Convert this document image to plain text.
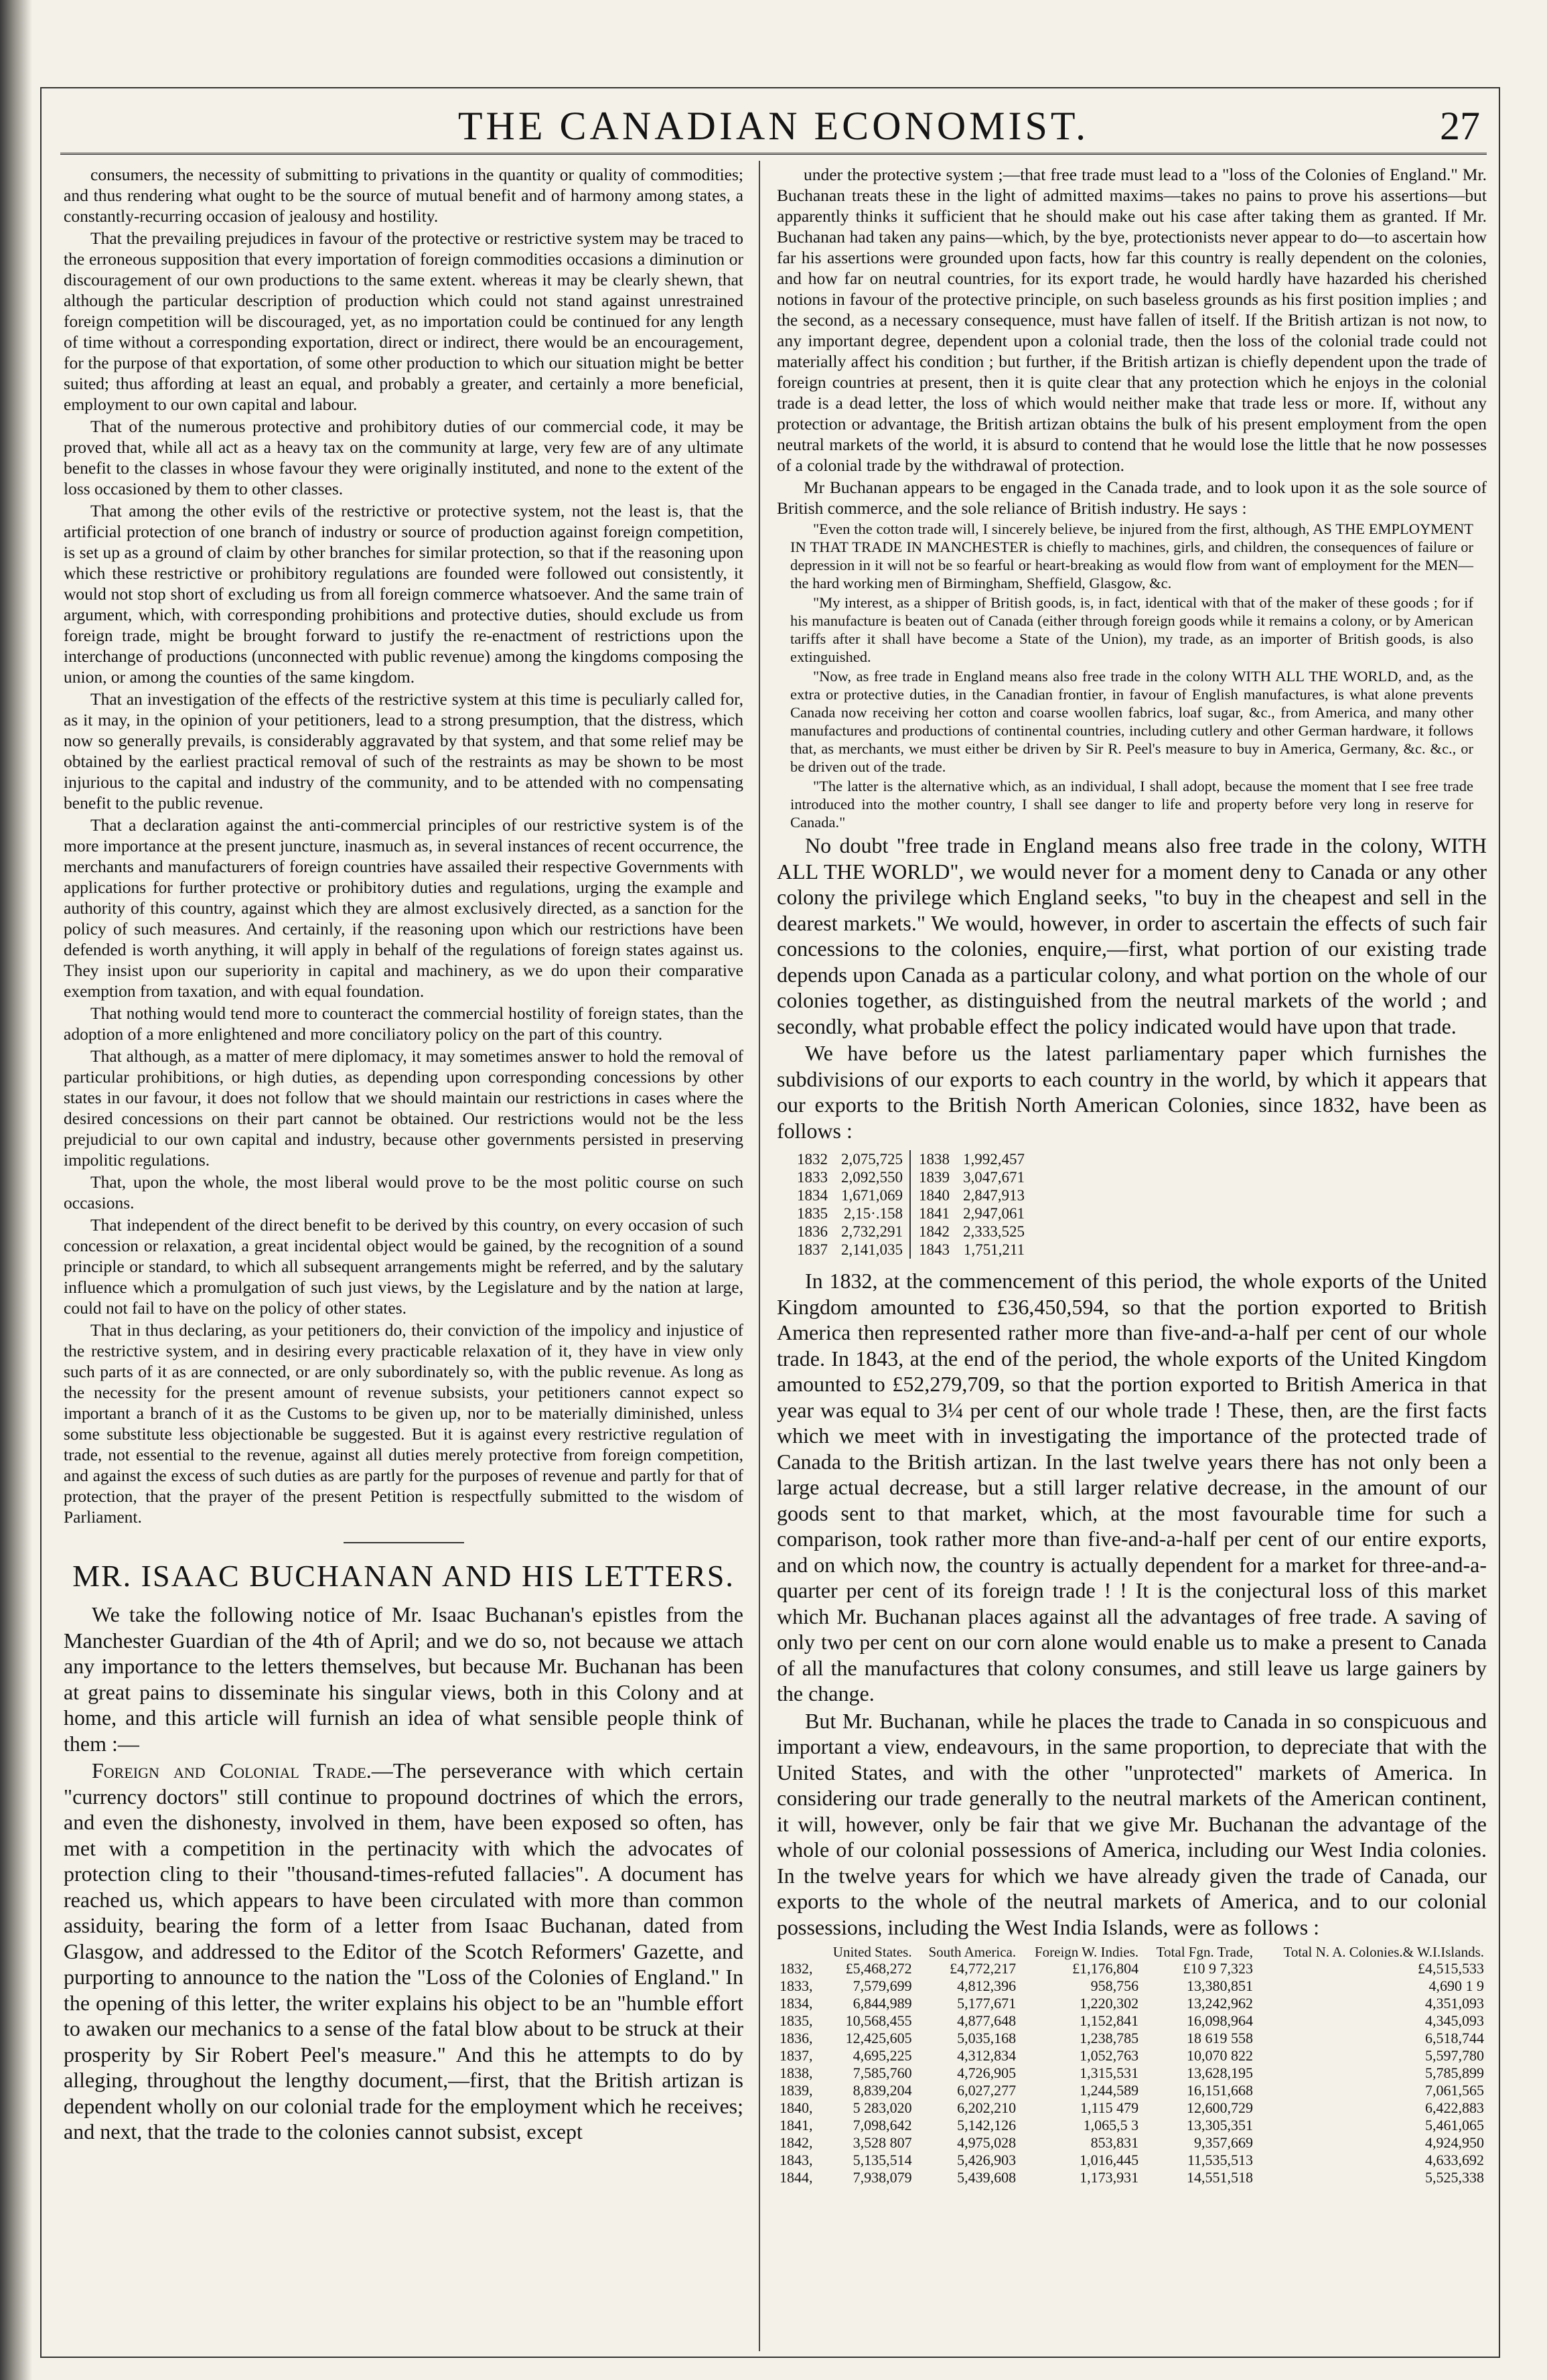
THE CANADIAN ECONOMIST.	27

consumers, the necessity of submitting to privations in the quantity or quality of commodities; and thus rendering what ought to be the source of mutual benefit and of harmony among states, a constantly-recurring occasion of jealousy and hostility.

That the prevailing prejudices in favour of the protective or restrictive system may be traced to the erroneous supposition that every importation of foreign commodities occasions a diminution or discouragement of our own productions to the same extent. whereas it may be clearly shewn, that although the particular description of production which could not stand against unrestrained foreign competition will be discouraged, yet, as no importation could be continued for any length of time without a corresponding exportation, direct or indirect, there would be an encouragement, for the purpose of that exportation, of some other production to which our situation might be better suited; thus affording at least an equal, and probably a greater, and certainly a more beneficial, employment to our own capital and labour.

That of the numerous protective and prohibitory duties of our commercial code, it may be proved that, while all act as a heavy tax on the community at large, very few are of any ultimate benefit to the classes in whose favour they were originally instituted, and none to the extent of the loss occasioned by them to other classes.

That among the other evils of the restrictive or protective system, not the least is, that the artificial protection of one branch of industry or source of production against foreign competition, is set up as a ground of claim by other branches for similar protection, so that if the reasoning upon which these restrictive or prohibitory regulations are founded were followed out consistently, it would not stop short of excluding us from all foreign commerce whatsoever. And the same train of argument, which, with corresponding prohibitions and protective duties, should exclude us from foreign trade, might be brought forward to justify the re-enactment of restrictions upon the interchange of productions (unconnected with public revenue) among the kingdoms composing the union, or among the counties of the same kingdom.

That an investigation of the effects of the restrictive system at this time is peculiarly called for, as it may, in the opinion of your petitioners, lead to a strong presumption, that the distress, which now so generally prevails, is considerably aggravated by that system, and that some relief may be obtained by the earliest practical removal of such of the restraints as may be shown to be most injurious to the capital and industry of the community, and to be attended with no compensating benefit to the public revenue.

That a declaration against the anti-commercial principles of our restrictive system is of the more importance at the present juncture, inasmuch as, in several instances of recent occurrence, the merchants and manufacturers of foreign countries have assailed their respective Governments with applications for further protective or prohibitory duties and regulations, urging the example and authority of this country, against which they are almost exclusively directed, as a sanction for the policy of such measures. And certainly, if the reasoning upon which our restrictions have been defended is worth anything, it will apply in behalf of the regulations of foreign states against us. They insist upon our superiority in capital and machinery, as we do upon their comparative exemption from taxation, and with equal foundation.

That nothing would tend more to counteract the commercial hostility of foreign states, than the adoption of a more enlightened and more conciliatory policy on the part of this country.

That although, as a matter of mere diplomacy, it may sometimes answer to hold the removal of particular prohibitions, or high duties, as depending upon corresponding concessions by other states in our favour, it does not follow that we should maintain our restrictions in cases where the desired concessions on their part cannot be obtained. Our restrictions would not be the less prejudicial to our own capital and industry, because other governments persisted in preserving impolitic regulations.

That, upon the whole, the most liberal would prove to be the most politic course on such occasions.

That independent of the direct benefit to be derived by this country, on every occasion of such concession or relaxation, a great incidental object would be gained, by the recognition of a sound principle or standard, to which all subsequent arrangements might be referred, and by the salutary influence which a promulgation of such just views, by the Legislature and by the nation at large, could not fail to have on the policy of other states.

That in thus declaring, as your petitioners do, their conviction of the impolicy and injustice of the restrictive system, and in desiring every practicable relaxation of it, they have in view only such parts of it as are connected, or are only subordinately so, with the public revenue. As long as the necessity for the present amount of revenue subsists, your petitioners cannot expect so important a branch of it as the Customs to be given up, nor to be materially diminished, unless some substitute less objectionable be suggested. But it is against every restrictive regulation of trade, not essential to the revenue, against all duties merely protective from foreign competition, and against the excess of such duties as are partly for the purposes of revenue and partly for that of protection, that the prayer of the present Petition is respectfully submitted to the wisdom of Parliament.

MR. ISAAC BUCHANAN AND HIS LETTERS.

We take the following notice of Mr. Isaac Buchanan's epistles from the Manchester Guardian of the 4th of April; and we do so, not because we attach any importance to the letters themselves, but because Mr. Buchanan has been at great pains to disseminate his singular views, both in this Colony and at home, and this article will furnish an idea of what sensible people think of them :—

Foreign and Colonial Trade.—The perseverance with which certain "currency doctors" still continue to propound doctrines of which the errors, and even the dishonesty, involved in them, have been exposed so often, has met with a competition in the pertinacity with which the advocates of protection cling to their "thousand-times-refuted fallacies". A document has reached us, which appears to have been circulated with more than common assiduity, bearing the form of a letter from Isaac Buchanan, dated from Glasgow, and addressed to the Editor of the Scotch Reformers' Gazette, and purporting to announce to the nation the "Loss of the Colonies of England." In the opening of this letter, the writer explains his object to be an "humble effort to awaken our mechanics to a sense of the fatal blow about to be struck at their prosperity by Sir Robert Peel's measure." And this he attempts to do by alleging, throughout the lengthy document,—first, that the British artizan is dependent wholly on our colonial trade for the employment which he receives; and next, that the trade to the colonies cannot subsist, except

under the protective system ;—that free trade must lead to a "loss of the Colonies of England." Mr. Buchanan treats these in the light of admitted maxims—takes no pains to prove his assertions—but apparently thinks it sufficient that he should make out his case after taking them as granted. If Mr. Buchanan had taken any pains—which, by the bye, protectionists never appear to do—to ascertain how far his assertions were grounded upon facts, how far this country is really dependent on the colonies, and how far on neutral countries, for its export trade, he would hardly have hazarded his cherished notions in favour of the protective principle, on such baseless grounds as his first position implies ; and the second, as a necessary consequence, must have fallen of itself. If the British artizan is not now, to any important degree, dependent upon a colonial trade, then the loss of the colonial trade could not materially affect his condition ; but further, if the British artizan is chiefly dependent upon the trade of foreign countries at present, then it is quite clear that any protection which he enjoys in the colonial trade is a dead letter, the loss of which would neither make that trade less or more. If, without any protection or advantage, the British artizan obtains the bulk of his present employment from the open neutral markets of the world, it is absurd to contend that he would lose the little that he now possesses of a colonial trade by the withdrawal of protection.

Mr Buchanan appears to be engaged in the Canada trade, and to look upon it as the sole source of British commerce, and the sole reliance of British industry. He says :

"Even the cotton trade will, I sincerely believe, be injured from the first, although, AS THE EMPLOYMENT IN THAT TRADE IN MANCHESTER is chiefly to machines, girls, and children, the consequences of failure or depression in it will not be so fearful or heart-breaking as would flow from want of employment for the MEN—the hard working men of Birmingham, Sheffield, Glasgow, &c.

"My interest, as a shipper of British goods, is, in fact, identical with that of the maker of these goods ; for if his manufacture is beaten out of Canada (either through foreign goods while it remains a colony, or by American tariffs after it shall have become a State of the Union), my trade, as an importer of British goods, is also extinguished.

"Now, as free trade in England means also free trade in the colony WITH ALL THE WORLD, and, as the extra or protective duties, in the Canadian frontier, in favour of English manufactures, is what alone prevents Canada now receiving her cotton and coarse woollen fabrics, loaf sugar, &c., from America, and many other manufactures and productions of continental countries, including cutlery and other German hardware, it follows that, as merchants, we must either be driven by Sir R. Peel's measure to buy in America, Germany, &c. &c., or be driven out of the trade.

"The latter is the alternative which, as an individual, I shall adopt, because the moment that I see free trade introduced into the mother country, I shall see danger to life and property before very long in reserve for Canada."

No doubt "free trade in England means also free trade in the colony, WITH ALL THE WORLD", we would never for a moment deny to Canada or any other colony the privilege which England seeks, "to buy in the cheapest and sell in the dearest markets." We would, however, in order to ascertain the effects of such fair concessions to the colonies, enquire,—first, what portion of our existing trade depends upon Canada as a particular colony, and what portion on the whole of our colonies together, as distinguished from the neutral markets of the world ; and secondly, what probable effect the policy indicated would have upon that trade.

We have before us the latest parliamentary paper which furnishes the subdivisions of our exports to each country in the world, by which it appears that our exports to the British North American Colonies, since 1832, have been as follows :

1832	2,075,725		1838	1,992,457
1833	2,092,550		1839	3,047,671
1834	1,671,069		1840	2,847,913
1835	2,15·.158		1841	2,947,061
1836	2,732,291		1842	2,333,525
1837	2,141,035		1843	1,751,211

In 1832, at the commencement of this period, the whole exports of the United Kingdom amounted to £36,450,594, so that the portion exported to British America then represented rather more than five-and-a-half per cent of our whole trade. In 1843, at the end of the period, the whole exports of the United Kingdom amounted to £52,279,709, so that the portion exported to British America in that year was equal to 3¼ per cent of our whole trade ! These, then, are the first facts which we meet with in investigating the importance of the protected trade of Canada to the British artizan. In the last twelve years there has not only been a large actual decrease, but a still larger relative decrease, in the amount of our goods sent to that market, which, at the most favourable time for such a comparison, took rather more than five-and-a-half per cent of our entire exports, and on which now, the country is actually dependent for a market for three-and-a-quarter per cent of its foreign trade ! ! It is the conjectural loss of this market which Mr. Buchanan places against all the advantages of free trade. A saving of only two per cent on our corn alone would enable us to make a present to Canada of all the manufactures that colony consumes, and still leave us large gainers by the change.

But Mr. Buchanan, while he places the trade to Canada in so conspicuous and important a view, endeavours, in the same proportion, to depreciate that with the United States, and with the other "unprotected" markets of America. In considering our trade generally to the neutral markets of the American continent, it will, however, only be fair that we give Mr. Buchanan the advantage of the whole of our colonial possessions of America, including our West India colonies. In the twelve years for which we have already given the trade of Canada, our exports to the whole of the neutral markets of America, and to our colonial possessions, including the West India Islands, were as follows :

	United States.	South America.	Foreign W. Indies.	Total Fgn. Trade,	Total N. A. Colonies.& W.I.Islands.
1832,	£5,468,272	£4,772,217	£1,176,804	£10 9 7,323	£4,515,533
1833,	7,579,699	4,812,396	958,756	13,380,851	4,690 1 9
1834,	6,844,989	5,177,671	1,220,302	13,242,962	4,351,093
1835,	10,568,455	4,877,648	1,152,841	16,098,964	4,345,093
1836,	12,425,605	5,035,168	1,238,785	18 619 558	6,518,744
1837,	4,695,225	4,312,834	1,052,763	10,070 822	5,597,780
1838,	7,585,760	4,726,905	1,315,531	13,628,195	5,785,899
1839,	8,839,204	6,027,277	1,244,589	16,151,668	7,061,565
1840,	5 283,020	6,202,210	1,115 479	12,600,729	6,422,883
1841,	7,098,642	5,142,126	1,065,5 3	13,305,351	5,461,065
1842,	3,528 807	4,975,028	853,831	9,357,669	4,924,950
1843,	5,135,514	5,426,903	1,016,445	11,535,513	4,633,692
1844,	7,938,079	5,439,608	1,173,931	14,551,518	5,525,338
